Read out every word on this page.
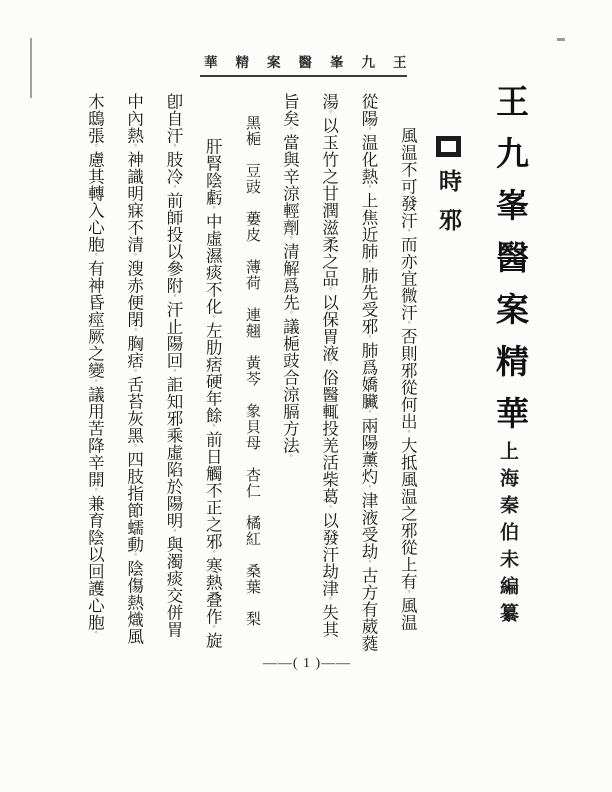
華精案醫峯九王
王九峯醫案精華
上海秦伯未編纂
時邪
風温不可發汗。而亦宜微汗。否則邪從何出。大抵風温之邪從上有。風温
從陽。温化熱。上焦近肺。肺先受邪。肺爲嬌臟。兩陽薰灼。津液受劫。古方有葳蕤
湯。以玉竹之甘潤滋柔之品。以保胃液。俗醫輒投羌活柴葛。以發汗劫津。失其
旨矣。當與辛涼輕劑。清解爲先。議梔豉合涼膈方法。
黑梔　豆豉　蔞皮　薄荷　連翹　黃芩　象貝母　杏仁　橘紅　桑葉　梨
肝腎陰虧。中虛濕痰不化。左肋痞硬年餘。前日觸不正之邪。寒熱叠作。旋
卽自汗。肢冷。前師投以參附。汗止陽回。詎知邪乘虛陷於陽明。與濁痰交併胃
中內熱。神識明寐不清。溲赤便閉。胸痞。舌苔灰黑。四肢指節蠕動。陰傷熱熾風
木鴟張。慮其轉入心胞。有神昏痙厥之變。議用苦降辛開。兼育陰以回護心胞。
——( 1 )——
